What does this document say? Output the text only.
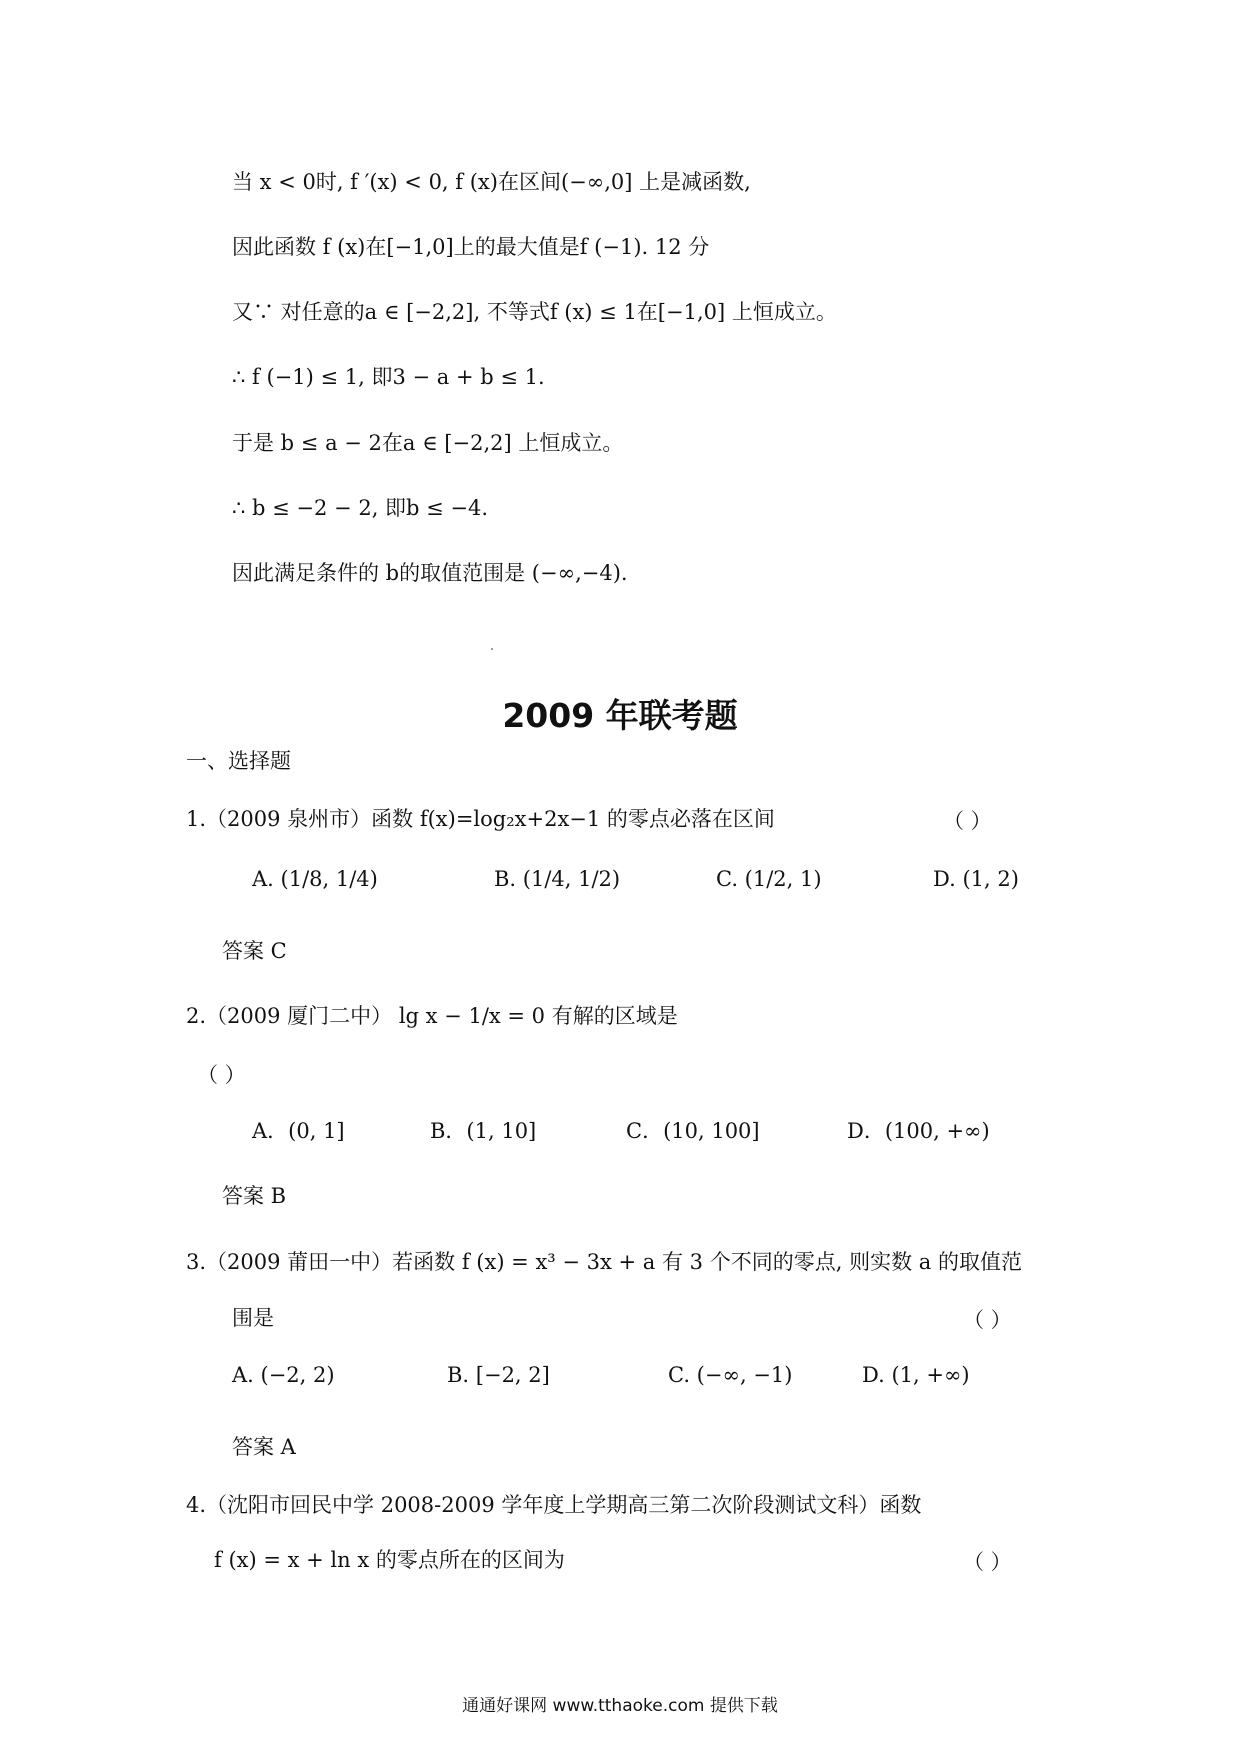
当 x < 0时, f ′(x) < 0, f (x)在区间(−∞,0] 上是减函数,
因此函数 f (x)在[−1,0]上的最大值是f (−1). 12 分
又∵ 对任意的a ∈ [−2,2], 不等式f (x) ≤ 1在[−1,0] 上恒成立。
∴ f (−1) ≤ 1, 即3 − a + b ≤ 1.
于是 b ≤ a − 2在a ∈ [−2,2] 上恒成立。
∴ b ≤ −2 − 2, 即b ≤ −4.
因此满足条件的 b的取值范围是 (−∞,−4).
2009 年联考题
一、选择题
1.（2009 泉州市）函数 f(x)=log₂x+2x−1 的零点必落在区间	（ ）
A. (1/8, 1/4)	B. (1/4, 1/2)	C. (1/2, 1)	D. (1, 2)
答案 C
2.（2009 厦门二中） lg x − 1/x = 0 有解的区域是
（ ）
A．(0, 1]	B．(1, 10]	C．(10, 100]	D．(100, +∞)
答案 B
3.（2009 莆田一中）若函数 f (x) = x³ − 3x + a 有 3 个不同的零点, 则实数 a 的取值范
围是	（ ）
A. (−2, 2)	B. [−2, 2]	C. (−∞, −1)	D. (1, +∞)
答案 A
4.（沈阳市回民中学 2008-2009 学年度上学期高三第二次阶段测试文科）函数
f (x) = x + ln x 的零点所在的区间为	（ ）
通通好课网 www.tthaoke.com 提供下载
